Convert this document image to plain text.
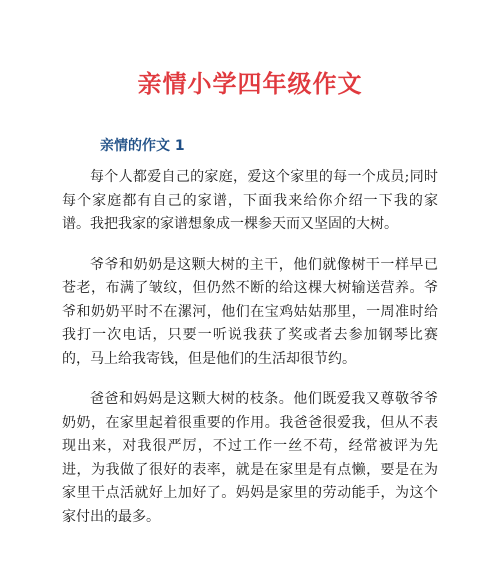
亲情小学四年级作文
亲情的作文 1

每个人都爱自己的家庭，爱这个家里的每一个成员;同时每个家庭都有自己的家谱，下面我来给你介绍一下我的家谱。我把我家的家谱想象成一棵参天而又坚固的大树。

爷爷和奶奶是这颗大树的主干，他们就像树干一样早已苍老，布满了皱纹，但仍然不断的给这棵大树输送营养。爷爷和奶奶平时不在漯河，他们在宝鸡姑姑那里，一周准时给我打一次电话，只要一听说我获了奖或者去参加钢琴比赛的，马上给我寄钱，但是他们的生活却很节约。

爸爸和妈妈是这颗大树的枝条。他们既爱我又尊敬爷爷奶奶，在家里起着很重要的作用。我爸爸很爱我，但从不表现出来，对我很严厉，不过工作一丝不苟，经常被评为先进，为我做了很好的表率，就是在家里是有点懒，要是在为家里干点活就好上加好了。妈妈是家里的劳动能手，为这个家付出的最多。
